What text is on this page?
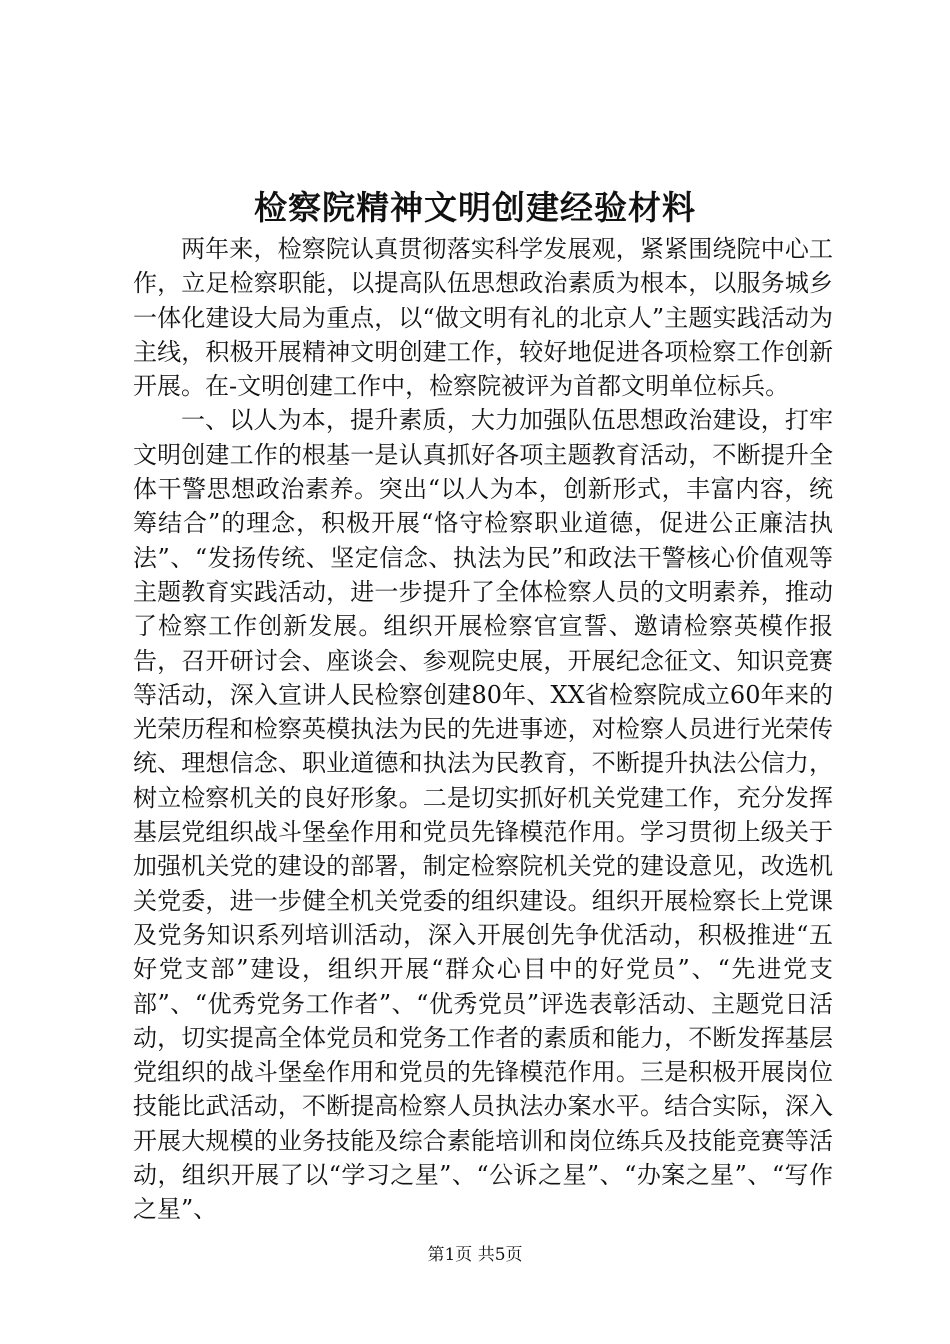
检察院精神文明创建经验材料

两年来，检察院认真贯彻落实科学发展观，紧紧围绕院中心工作，立足检察职能，以提高队伍思想政治素质为根本，以服务城乡一体化建设大局为重点，以“做文明有礼的北京人”主题实践活动为主线，积极开展精神文明创建工作，较好地促进各项检察工作创新开展。在-文明创建工作中，检察院被评为首都文明单位标兵。

一、以人为本，提升素质，大力加强队伍思想政治建设，打牢文明创建工作的根基一是认真抓好各项主题教育活动，不断提升全体干警思想政治素养。突出“以人为本，创新形式，丰富内容，统筹结合”的理念，积极开展“恪守检察职业道德，促进公正廉洁执法”、“发扬传统、坚定信念、执法为民”和政法干警核心价值观等主题教育实践活动，进一步提升了全体检察人员的文明素养，推动了检察工作创新发展。组织开展检察官宣誓、邀请检察英模作报告，召开研讨会、座谈会、参观院史展，开展纪念征文、知识竞赛等活动，深入宣讲人民检察创建80年、XX省检察院成立60年来的光荣历程和检察英模执法为民的先进事迹，对检察人员进行光荣传统、理想信念、职业道德和执法为民教育，不断提升执法公信力，树立检察机关的良好形象。二是切实抓好机关党建工作，充分发挥基层党组织战斗堡垒作用和党员先锋模范作用。学习贯彻上级关于加强机关党的建设的部署，制定检察院机关党的建设意见，改选机关党委，进一步健全机关党委的组织建设。组织开展检察长上党课及党务知识系列培训活动，深入开展创先争优活动，积极推进“五好党支部”建设，组织开展“群众心目中的好党员”、“先进党支部”、“优秀党务工作者”、“优秀党员”评选表彰活动、主题党日活动，切实提高全体党员和党务工作者的素质和能力，不断发挥基层党组织的战斗堡垒作用和党员的先锋模范作用。三是积极开展岗位技能比武活动，不断提高检察人员执法办案水平。结合实际，深入开展大规模的业务技能及综合素能培训和岗位练兵及技能竞赛等活动，组织开展了以“学习之星”、“公诉之星”、“办案之星”、“写作之星”、

第1页 共5页
